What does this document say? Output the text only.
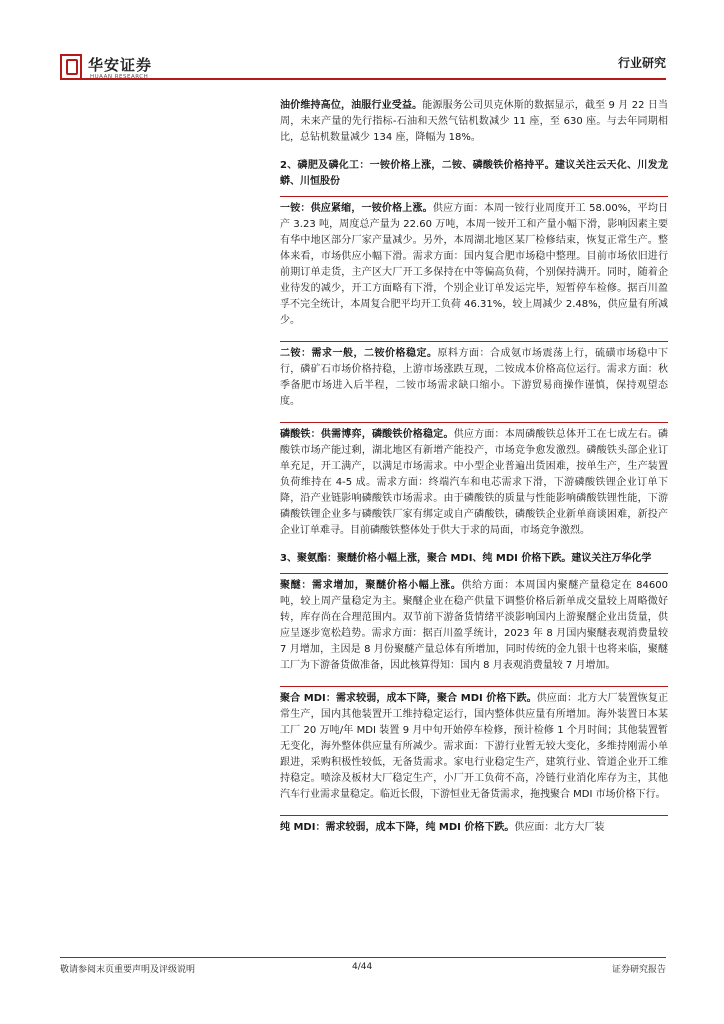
华安证券
HUAAN RESEARCH
行业研究

油价维持高位，油服行业受益。能源服务公司贝克休斯的数据显示，截至 9 月 22 日当周，未来产量的先行指标-石油和天然气钻机数减少 11 座，至 630 座。与去年同期相比，总钻机数量减少 134 座，降幅为 18%。

2、磷肥及磷化工：一铵价格上涨，二铵、磷酸铁价格持平。建议关注云天化、川发龙蟒、川恒股份
一铵：供应紧缩，一铵价格上涨。供应方面：本周一铵行业周度开工 58.00%，平均日产 3.23 吨，周度总产量为 22.60 万吨，本周一铵开工和产量小幅下滑，影响因素主要有华中地区部分厂家产量减少。另外，本周湖北地区某厂检修结束，恢复正常生产。整体来看，市场供应小幅下滑。需求方面：国内复合肥市场稳中整理。目前市场依旧进行前期订单走货，主产区大厂开工多保持在中等偏高负荷，个别保持满开。同时，随着企业待发的减少，开工方面略有下滑，个别企业订单发运完毕，短暂停车检修。据百川盈孚不完全统计，本周复合肥平均开工负荷 46.31%，较上周减少 2.48%，供应量有所减少。
二铵：需求一般，二铵价格稳定。原料方面：合成氨市场震荡上行，硫磺市场稳中下行，磷矿石市场价格持稳，上游市场涨跌互现，二铵成本价格高位运行。需求方面：秋季备肥市场进入后半程，二铵市场需求缺口缩小。下游贸易商操作谨慎，保持观望态度。
磷酸铁：供需博弈，磷酸铁价格稳定。供应方面：本周磷酸铁总体开工在七成左右。磷酸铁市场产能过剩，湖北地区有新增产能投产，市场竞争愈发激烈。磷酸铁头部企业订单充足，开工满产，以满足市场需求。中小型企业普遍出货困难，按单生产，生产装置负荷维持在 4-5 成。需求方面：终端汽车和电芯需求下滑，下游磷酸铁锂企业订单下降，沿产业链影响磷酸铁市场需求。由于磷酸铁的质量与性能影响磷酸铁锂性能，下游磷酸铁锂企业多与磷酸铁厂家有绑定或自产磷酸铁，磷酸铁企业新单商谈困难，新投产企业订单难寻。目前磷酸铁整体处于供大于求的局面，市场竞争激烈。
3、聚氨酯：聚醚价格小幅上涨，聚合 MDI、纯 MDI 价格下跌。建议关注万华化学
聚醚：需求增加，聚醚价格小幅上涨。供给方面：本周国内聚醚产量稳定在 84600 吨，较上周产量稳定为主。聚醚企业在稳产供量下调整价格后新单成交量较上周略微好转，库存尚在合理范围内。双节前下游备货情绪平淡影响国内上游聚醚企业出货量，供应呈逐步宽松趋势。需求方面：据百川盈孚统计，2023 年 8 月国内聚醚表观消费量较 7 月增加，主因是 8 月份聚醚产量总体有所增加，同时传统的金九银十也将来临，聚醚工厂为下游备货做准备，因此核算得知：国内 8 月表观消费量较 7 月增加。
聚合 MDI：需求较弱，成本下降，聚合 MDI 价格下跌。供应面：北方大厂装置恢复正常生产，国内其他装置开工维持稳定运行，国内整体供应量有所增加。海外装置日本某工厂 20 万吨/年 MDI 装置 9 月中旬开始停车检修，预计检修 1 个月时间；其他装置暂无变化，海外整体供应量有所减少。需求面：下游行业暂无较大变化，多维持刚需小单跟进，采购积极性较低，无备货需求。家电行业稳定生产，建筑行业、管道企业开工维持稳定。喷涂及板材大厂稳定生产，小厂开工负荷不高，冷链行业消化库存为主，其他汽车行业需求量稳定。临近长假，下游恒业无备货需求，拖拽聚合 MDI 市场价格下行。
纯 MDI：需求较弱，成本下降，纯 MDI 价格下跌。供应面：北方大厂装
敬请参阅末页重要声明及评级说明	4/44	证券研究报告
